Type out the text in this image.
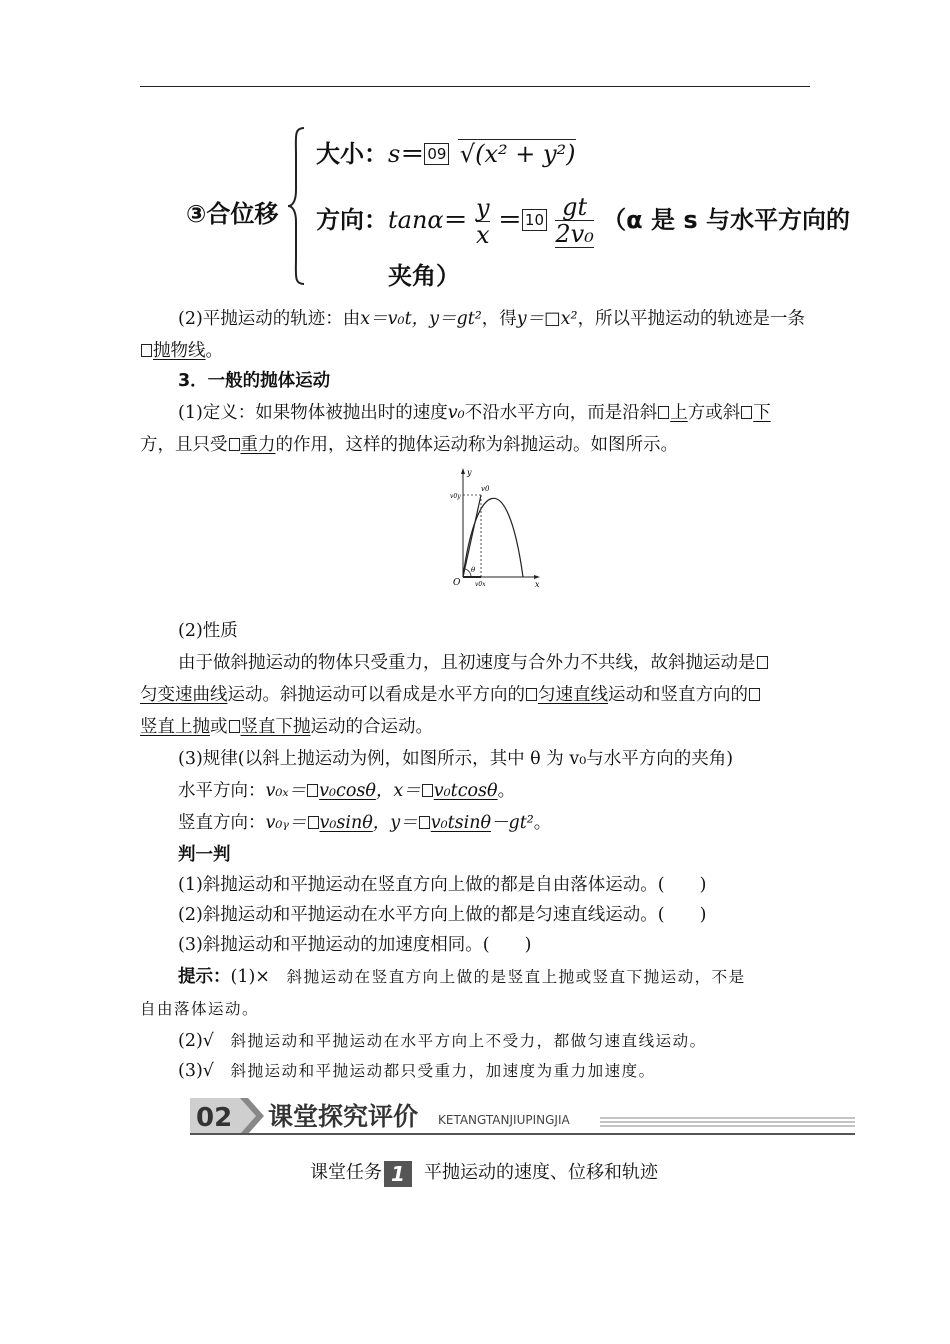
③合位移
大小：s＝ 09 √(x² + y²)
方向：$\tan\alpha= \frac{y}{x} = 10 \frac{gt}{\text{2v₀}} (\alpha$ 是 s 与水平方向的
夹角）
(2)平抛运动的轨迹：由x＝v₀t，y＝gt²，得y＝□x²，所以平抛运动的轨迹是一条
抛物线。
3．一般的抛体运动
(1)定义：如果物体被抛出时的速度v₀不沿水平方向，而是沿斜 上方或斜 下
方，且只受 重力的作用，这样的抛体运动称为斜抛运动。如图所示。
y
x
O
v0y
v0
v0x
θ
(2)性质
由于做斜抛运动的物体只受重力，且初速度与合外力不共线，故斜抛运动是
匀变速曲线运动。斜抛运动可以看成是水平方向的 匀速直线运动和竖直方向的
竖直上抛或 竖直下抛运动的合运动。
(3)规律(以斜上抛运动为例，如图所示，其中 θ 为 v₀与水平方向的夹角)
水平方向：v₀ₓ＝ v₀cosθ，x＝ v₀tcosθ。
竖直方向：v₀ᵧ＝ v₀sinθ，y＝ v₀tsinθ－gt²。
判一判
(1)斜抛运动和平抛运动在竖直方向上做的都是自由落体运动。(　　)
(2)斜抛运动和平抛运动在水平方向上做的都是匀速直线运动。(　　)
(3)斜抛运动和平抛运动的加速度相同。(　　)
提示：(1)× 斜抛运动在竖直方向上做的是竖直上抛或竖直下抛运动，不是
自由落体运动。
(2)√ 斜抛运动和平抛运动在水平方向上不受力，都做匀速直线运动。
(3)√ 斜抛运动和平抛运动都只受重力，加速度为重力加速度。
02 课堂探究评价 KETANGTANJIUPINGJIA
课堂任务 1 平抛运动的速度、位移和轨迹
